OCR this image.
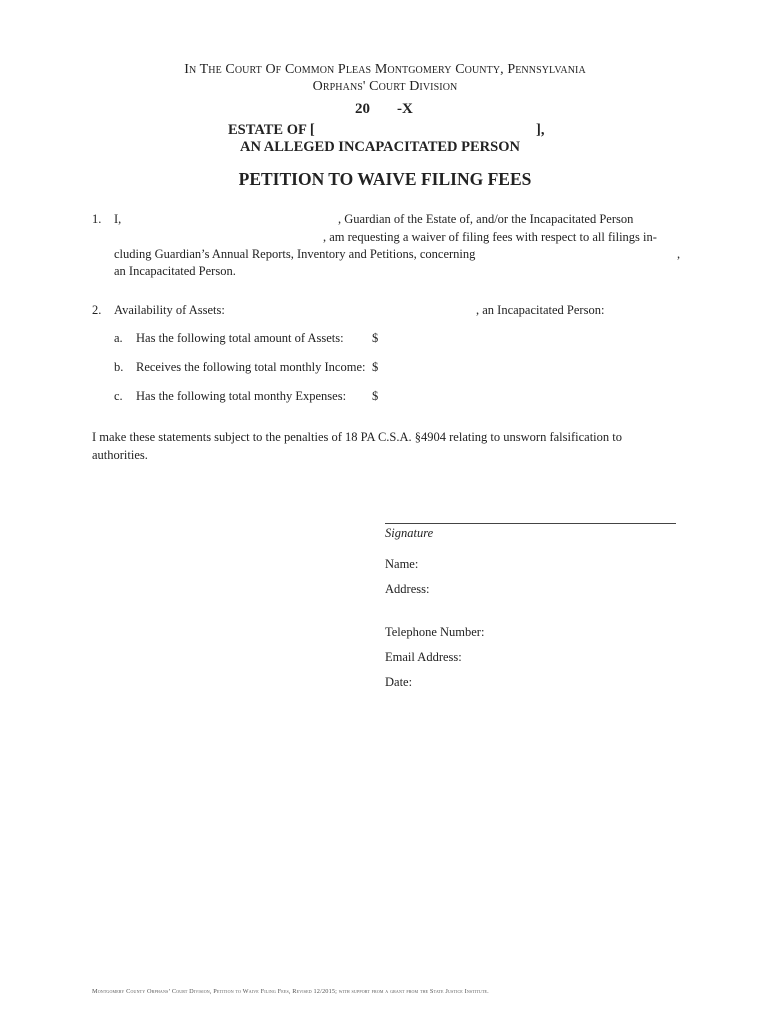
In The Court Of Common Pleas Montgomery County, Pennsylvania
Orphans' Court Division
20 -X
ESTATE OF [	],
AN ALLEGED INCAPACITATED PERSON
PETITION TO WAIVE FILING FEES
1. I,	, Guardian of the Estate of, and/or the Incapacitated Person
, am requesting a waiver of filing fees with respect to all filings in-
cluding Guardian’s Annual Reports, Inventory and Petitions, concerning	,
an Incapacitated Person.
2. Availability of Assets:	, an Incapacitated Person:
a. Has the following total amount of Assets: $
b. Receives the following total monthly Income: $
c. Has the following total monthy Expenses: $
I make these statements subject to the penalties of 18 PA C.S.A. §4904 relating to unsworn falsification to
authorities.
Signature
Name:
Address:
Telephone Number:
Email Address:
Date:
Montgomery County Orphans’ Court Division, Petition to Waive Filing Fees, Revised 12/2015; with support from a grant from the State Justice Institute.
